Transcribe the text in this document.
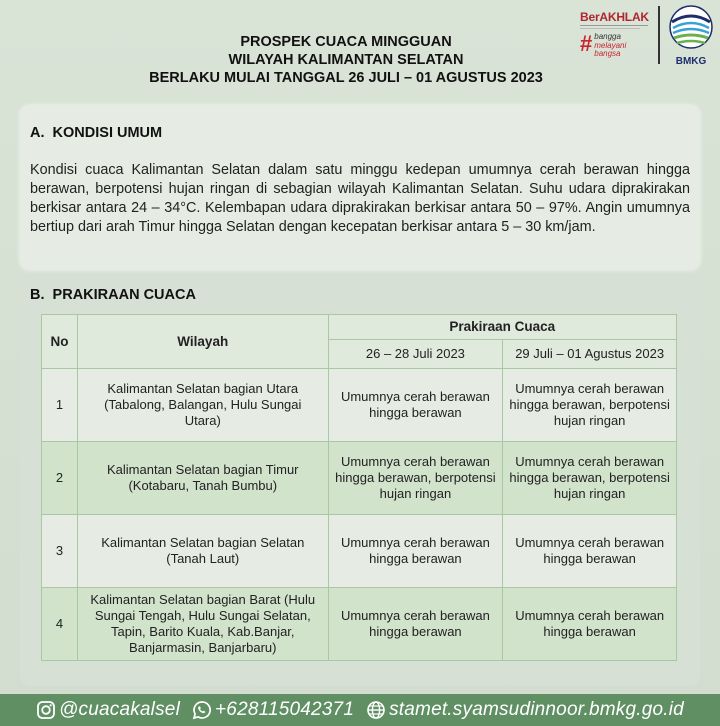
PROSPEK CUACA MINGGUAN
WILAYAH KALIMANTAN SELATAN
BERLAKU MULAI TANGGAL 26 JULI – 01 AGUSTUS 2023
BerAKHLAK
# bangga
melayani
bangsa
BMKG
A.  KONDISI UMUM
Kondisi cuaca Kalimantan Selatan dalam satu minggu kedepan umumnya cerah berawan hingga berawan, berpotensi hujan ringan di sebagian wilayah Kalimantan Selatan. Suhu udara diprakirakan berkisar antara 24 – 34°C. Kelembapan udara diprakirakan berkisar antara 50 – 97%. Angin umumnya bertiup dari arah Timur hingga Selatan dengan kecepatan berkisar antara 5 – 30 km/jam.
B.  PRAKIRAAN CUACA
No	Wilayah	Prakiraan Cuaca	
		26 – 28 Juli 2023	29 Juli – 01 Agustus 2023
1	Kalimantan Selatan bagian Utara (Tabalong, Balangan, Hulu Sungai Utara)	Umumnya cerah berawan hingga berawan	Umumnya cerah berawan hingga berawan, berpotensi hujan ringan
2	Kalimantan Selatan bagian Timur (Kotabaru, Tanah Bumbu)	Umumnya cerah berawan hingga berawan, berpotensi hujan ringan	Umumnya cerah berawan hingga berawan, berpotensi hujan ringan
3	Kalimantan Selatan bagian Selatan (Tanah Laut)	Umumnya cerah berawan hingga berawan	Umumnya cerah berawan hingga berawan
4	Kalimantan Selatan bagian Barat (Hulu Sungai Tengah, Hulu Sungai Selatan, Tapin, Barito Kuala, Kab.Banjar, Banjarmasin, Banjarbaru)	Umumnya cerah berawan hingga berawan	Umumnya cerah berawan hingga berawan
@cuacakalsel +628115042371 stamet.syamsudinnoor.bmkg.go.id
